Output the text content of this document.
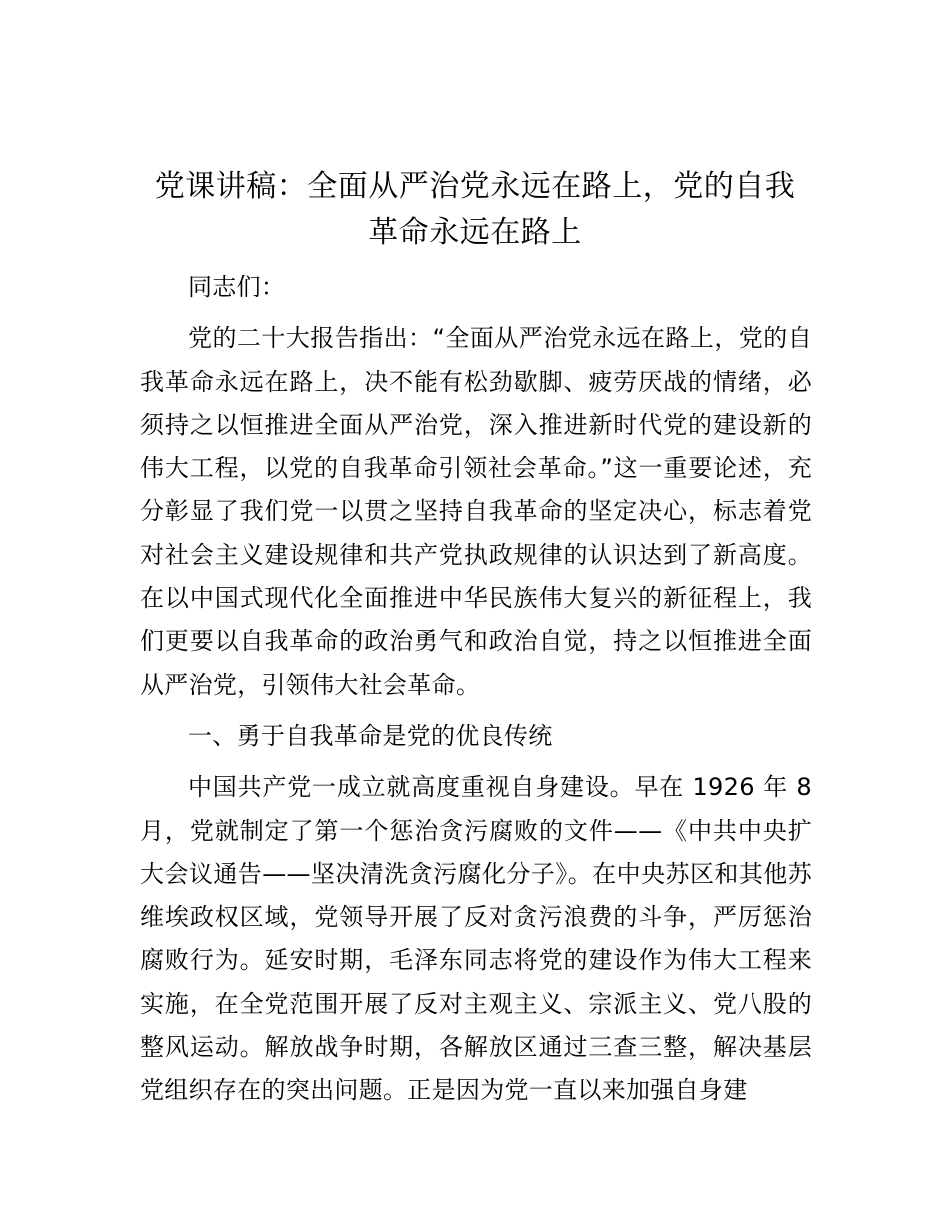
党课讲稿：全面从严治党永远在路上，党的自我革命永远在路上

同志们：

党的二十大报告指出：“全面从严治党永远在路上，党的自我革命永远在路上，决不能有松劲歇脚、疲劳厌战的情绪，必须持之以恒推进全面从严治党，深入推进新时代党的建设新的伟大工程，以党的自我革命引领社会革命。”这一重要论述，充分彰显了我们党一以贯之坚持自我革命的坚定决心，标志着党对社会主义建设规律和共产党执政规律的认识达到了新高度。在以中国式现代化全面推进中华民族伟大复兴的新征程上，我们更要以自我革命的政治勇气和政治自觉，持之以恒推进全面从严治党，引领伟大社会革命。

一、勇于自我革命是党的优良传统

中国共产党一成立就高度重视自身建设。早在 1926 年 8 月，党就制定了第一个惩治贪污腐败的文件——《中共中央扩大会议通告——坚决清洗贪污腐化分子》。在中央苏区和其他苏维埃政权区域，党领导开展了反对贪污浪费的斗争，严厉惩治腐败行为。延安时期，毛泽东同志将党的建设作为伟大工程来实施，在全党范围开展了反对主观主义、宗派主义、党八股的整风运动。解放战争时期，各解放区通过三查三整，解决基层党组织存在的突出问题。正是因为党一直以来加强自身建
